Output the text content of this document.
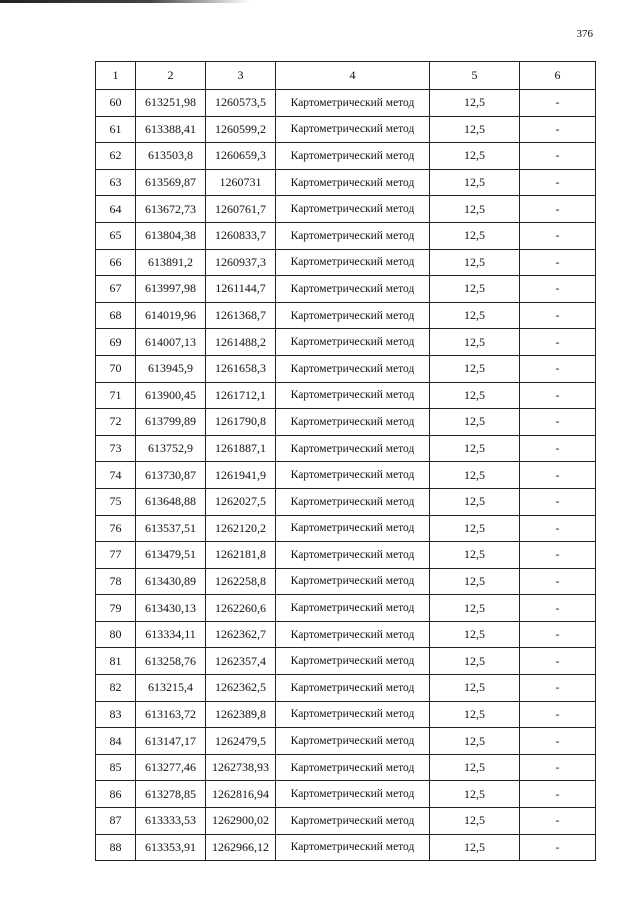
376
1	2	3	4	5	6
60	613251,98	1260573,5	Картометрический метод	12,5	-
61	613388,41	1260599,2	Картометрический метод	12,5	-
62	613503,8	1260659,3	Картометрический метод	12,5	-
63	613569,87	1260731	Картометрический метод	12,5	-
64	613672,73	1260761,7	Картометрический метод	12,5	-
65	613804,38	1260833,7	Картометрический метод	12,5	-
66	613891,2	1260937,3	Картометрический метод	12,5	-
67	613997,98	1261144,7	Картометрический метод	12,5	-
68	614019,96	1261368,7	Картометрический метод	12,5	-
69	614007,13	1261488,2	Картометрический метод	12,5	-
70	613945,9	1261658,3	Картометрический метод	12,5	-
71	613900,45	1261712,1	Картометрический метод	12,5	-
72	613799,89	1261790,8	Картометрический метод	12,5	-
73	613752,9	1261887,1	Картометрический метод	12,5	-
74	613730,87	1261941,9	Картометрический метод	12,5	-
75	613648,88	1262027,5	Картометрический метод	12,5	-
76	613537,51	1262120,2	Картометрический метод	12,5	-
77	613479,51	1262181,8	Картометрический метод	12,5	-
78	613430,89	1262258,8	Картометрический метод	12,5	-
79	613430,13	1262260,6	Картометрический метод	12,5	-
80	613334,11	1262362,7	Картометрический метод	12,5	-
81	613258,76	1262357,4	Картометрический метод	12,5	-
82	613215,4	1262362,5	Картометрический метод	12,5	-
83	613163,72	1262389,8	Картометрический метод	12,5	-
84	613147,17	1262479,5	Картометрический метод	12,5	-
85	613277,46	1262738,93	Картометрический метод	12,5	-
86	613278,85	1262816,94	Картометрический метод	12,5	-
87	613333,53	1262900,02	Картометрический метод	12,5	-
88	613353,91	1262966,12	Картометрический метод	12,5	-
